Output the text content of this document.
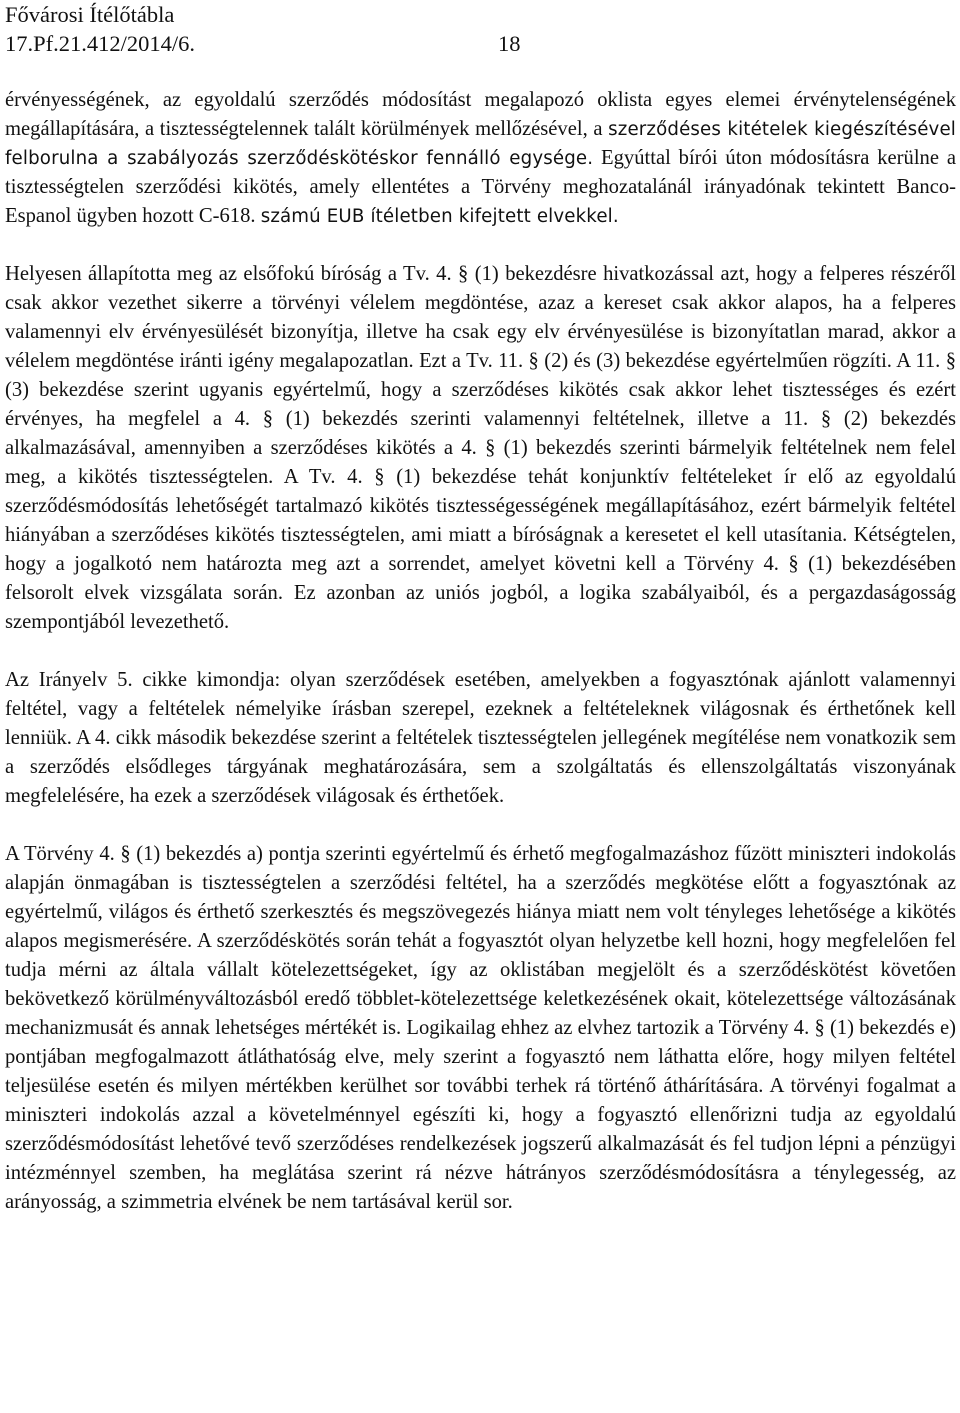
Fővárosi Ítélőtábla
17.Pf.21.412/2014/6.	18

érvényességének, az egyoldalú szerződés módosítást megalapozó oklista egyes elemei érvénytelenségének megállapítására, a tisztességtelennek talált körülmények mellőzésével, a szerződéses kitételek kiegészítésével felborulna a szabályozás szerződéskötéskor fennálló egysége. Egyúttal bírói úton módosításra kerülne a tisztességtelen szerződési kikötés, amely ellentétes a Törvény meghozatalánál irányadónak tekintett Banco-Espanol ügyben hozott C-618. számú EUB ítéletben kifejtett elvekkel.

Helyesen állapította meg az elsőfokú bíróság a Tv. 4. § (1) bekezdésre hivatkozással azt, hogy a felperes részéről csak akkor vezethet sikerre a törvényi vélelem megdöntése, azaz a kereset csak akkor alapos, ha a felperes valamennyi elv érvényesülését bizonyítja, illetve ha csak egy elv érvényesülése is bizonyítatlan marad, akkor a vélelem megdöntése iránti igény megalapozatlan. Ezt a Tv. 11. § (2) és (3) bekezdése egyértelműen rögzíti. A 11. § (3) bekezdése szerint ugyanis egyértelmű, hogy a szerződéses kikötés csak akkor lehet tisztességes és ezért érvényes, ha megfelel a 4. § (1) bekezdés szerinti valamennyi feltételnek, illetve a 11. § (2) bekezdés alkalmazásával, amennyiben a szerződéses kikötés a 4. § (1) bekezdés szerinti bármelyik feltételnek nem felel meg, a kikötés tisztességtelen. A Tv. 4. § (1) bekezdése tehát konjunktív feltételeket ír elő az egyoldalú szerződésmódosítás lehetőségét tartalmazó kikötés tisztességességének megállapításához, ezért bármelyik feltétel hiányában a szerződéses kikötés tisztességtelen, ami miatt a bíróságnak a keresetet el kell utasítania. Kétségtelen, hogy a jogalkotó nem határozta meg azt a sorrendet, amelyet követni kell a Törvény 4. § (1) bekezdésében felsorolt elvek vizsgálata során. Ez azonban az uniós jogból, a logika szabályaiból, és a pergazdaságosság szempontjából levezethető.

Az Irányelv 5. cikke kimondja: olyan szerződések esetében, amelyekben a fogyasztónak ajánlott valamennyi feltétel, vagy a feltételek némelyike írásban szerepel, ezeknek a feltételeknek világosnak és érthetőnek kell lenniük. A 4. cikk második bekezdése szerint a feltételek tisztességtelen jellegének megítélése nem vonatkozik sem a szerződés elsődleges tárgyának meghatározására, sem a szolgáltatás és ellenszolgáltatás viszonyának megfelelésére, ha ezek a szerződések világosak és érthetőek.

A Törvény 4. § (1) bekezdés a) pontja szerinti egyértelmű és érhető megfogalmazáshoz fűzött miniszteri indokolás alapján önmagában is tisztességtelen a szerződési feltétel, ha a szerződés megkötése előtt a fogyasztónak az egyértelmű, világos és érthető szerkesztés és megszövegezés hiánya miatt nem volt tényleges lehetősége a kikötés alapos megismerésére. A szerződéskötés során tehát a fogyasztót olyan helyzetbe kell hozni, hogy megfelelően fel tudja mérni az általa vállalt kötelezettségeket, így az oklistában megjelölt és a szerződéskötést követően bekövetkező körülményváltozásból eredő többlet-kötelezettsége keletkezésének okait, kötelezettsége változásának mechanizmusát és annak lehetséges mértékét is. Logikailag ehhez az elvhez tartozik a Törvény 4. § (1) bekezdés e) pontjában megfogalmazott átláthatóság elve, mely szerint a fogyasztó nem láthatta előre, hogy milyen feltétel teljesülése esetén és milyen mértékben kerülhet sor további terhek rá történő áthárítására. A törvényi fogalmat a miniszteri indokolás azzal a követelménnyel egészíti ki, hogy a fogyasztó ellenőrizni tudja az egyoldalú szerződésmódosítást lehetővé tevő szerződéses rendelkezések jogszerű alkalmazását és fel tudjon lépni a pénzügyi intézménnyel szemben, ha meglátása szerint rá nézve hátrányos szerződésmódosításra a ténylegesség, az arányosság, a szimmetria elvének be nem tartásával kerül sor.
